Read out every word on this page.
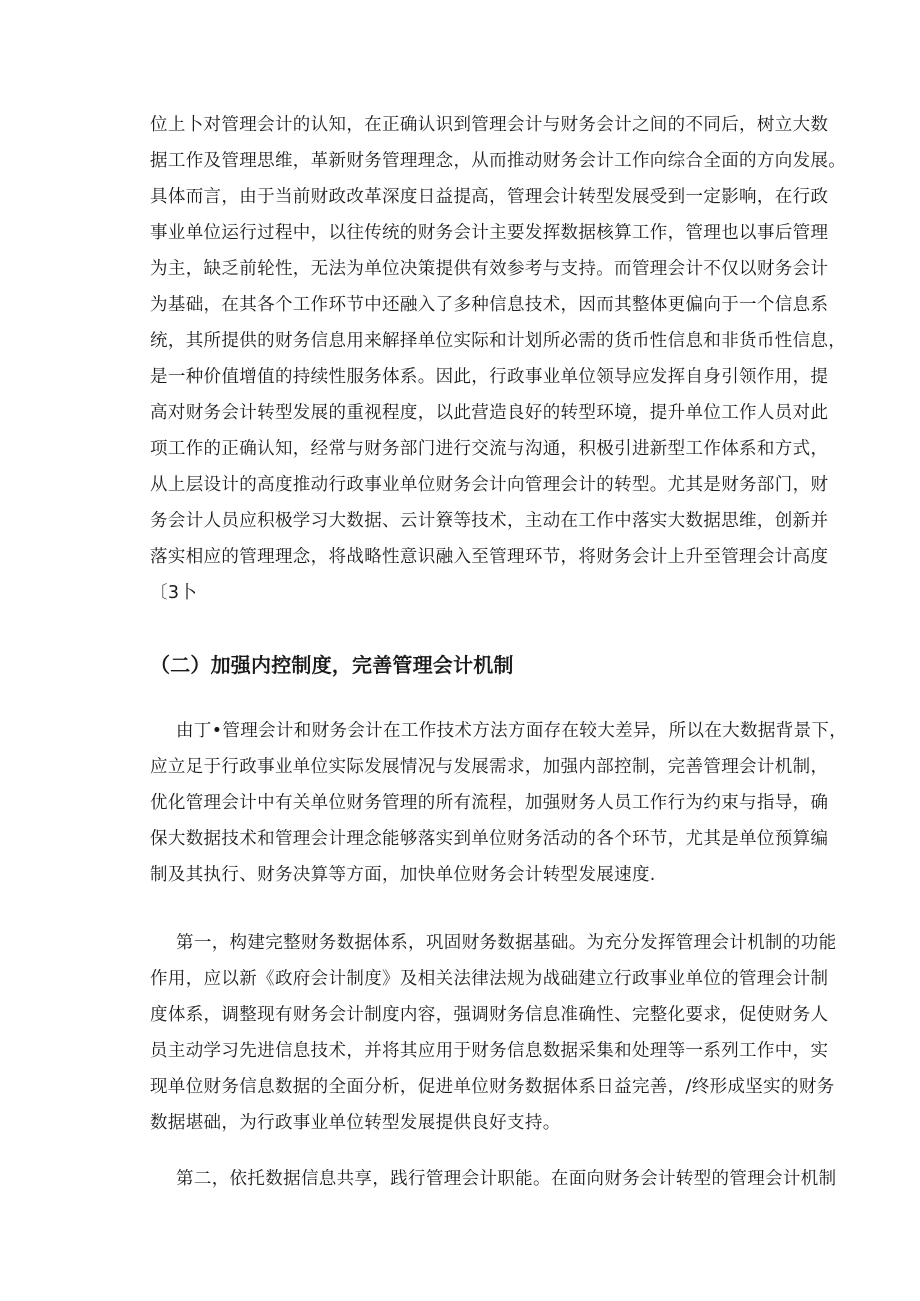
位上卜对管理会计的认知，在正确认识到管理会计与财务会计之间的不同后，树立大数
据工作及管理思维，革新财务管理理念，从而推动财务会计工作向综合全面的方向发展。
具体而言，由于当前财政改革深度日益提高，管理会计转型发展受到一定影响，在行政
事业单位运行过程中，以往传统的财务会计主要发挥数据核算工作，管理也以事后管理
为主，缺乏前轮性，无法为单位决策提供有效参考与支持。而管理会计不仅以财务会计
为基础，在其各个工作环节中还融入了多种信息技术，因而其整体更偏向于一个信息系
统，其所提供的财务信息用来解择单位实际和计划所必需的货币性信息和非货币性信息，
是一种价值增值的持续性服务体系。因此，行政事业单位领导应发挥自身引领作用，提
高对财务会计转型发展的重视程度，以此营造良好的转型环境，提升单位工作人员对此
项工作的正确认知，经常与财务部门进行交流与沟通，积极引进新型工作体系和方式，
从上层设计的高度推动行政事业单位财务会计向管理会计的转型。尤其是财务部门，财
务会计人员应积极学习大数据、云计簝等技术，主动在工作中落实大数据思维，创新并
落实相应的管理理念，将战略性意识融入至管理环节，将财务会计上升至管理会计高度
〔3卜
（二）加强内控制度，完善管理会计机制
由丁•管理会计和财务会计在工作技术方法方面存在较大差异，所以在大数据背景下，
应立足于行政事业单位实际发展情况与发展需求，加强内部控制，完善管理会计机制，
优化管理会计中有关单位财务管理的所有流程，加强财务人员工作行为约束与指导，确
保大数据技术和管理会计理念能够落实到单位财务活动的各个环节，尤其是单位预算编
制及其执行、财务决算等方面，加快单位财务会计转型发展速度.
第一，构建完整财务数据体系，巩固财务数据基础。为充分发挥管理会计机制的功能
作用，应以新《政府会计制度》及相关法律法规为战础建立行政事业单位的管理会计制
度体系，调整现有财务会计制度内容，强调财务信息准确性、完整化要求，促使财务人
员主动学习先进信息技术，并将其应用于财务信息数据采集和处理等一系列工作中，实
现单位财务信息数据的全面分析，促进单位财务数据体系日益完善，/终形成坚实的财务
数据堪础，为行政事业单位转型发展提供良好支持。
第二，依托数据信息共享，践行管理会计职能。在面向财务会计转型的管理会计机制
